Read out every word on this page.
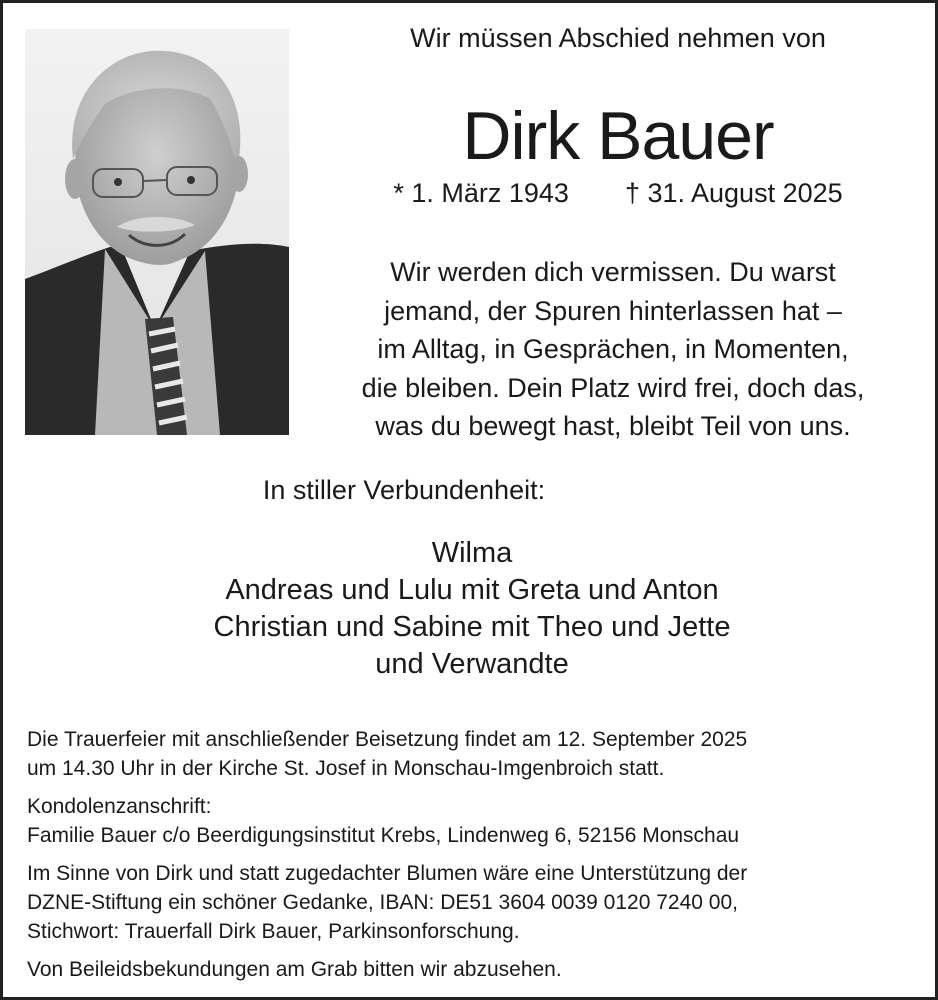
Wir müssen Abschied nehmen von
Dirk Bauer
* 1. März 1943 † 31. August 2025
Wir werden dich vermissen. Du warst
jemand, der Spuren hinterlassen hat –
im Alltag, in Gesprächen, in Momenten,
die bleiben. Dein Platz wird frei, doch das,
was du bewegt hast, bleibt Teil von uns.
In stiller Verbundenheit:
Wilma
Andreas und Lulu mit Greta und Anton
Christian und Sabine mit Theo und Jette
und Verwandte

Die Trauerfeier mit anschließender Beisetzung findet am 12. September 2025
um 14.30 Uhr in der Kirche St. Josef in Monschau-Imgenbroich statt.

Kondolenzanschrift:
Familie Bauer c/o Beerdigungsinstitut Krebs, Lindenweg 6, 52156 Monschau

Im Sinne von Dirk und statt zugedachter Blumen wäre eine Unterstützung der
DZNE-Stiftung ein schöner Gedanke, IBAN: DE51 3604 0039 0120 7240 00,
Stichwort: Trauerfall Dirk Bauer, Parkinsonforschung.

Von Beileidsbekundungen am Grab bitten wir abzusehen.
